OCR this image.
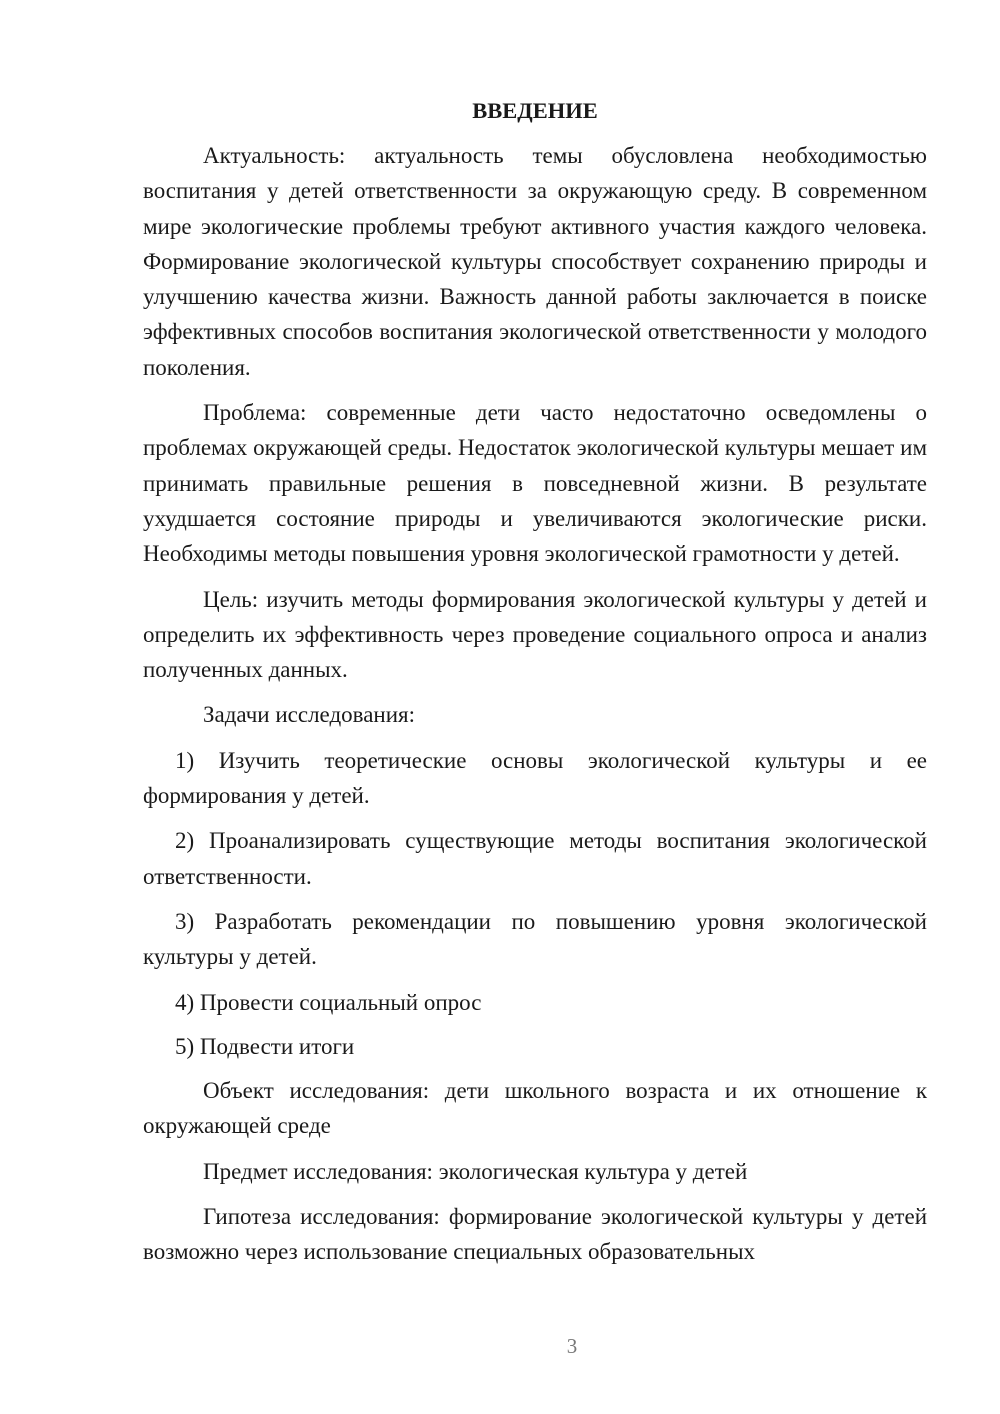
ВВЕДЕНИЕ

Актуальность: актуальность темы обусловлена необходимостью воспитания у детей ответственности за окружающую среду. В современном мире экологические проблемы требуют активного участия каждого человека. Формирование экологической культуры способствует сохранению природы и улучшению качества жизни. Важность данной работы заключается в поиске эффективных способов воспитания экологической ответственности у молодого поколения.

Проблема: современные дети часто недостаточно осведомлены о проблемах окружающей среды. Недостаток экологической культуры мешает им принимать правильные решения в повседневной жизни. В результате ухудшается состояние природы и увеличиваются экологические риски. Необходимы методы повышения уровня экологической грамотности у детей.

Цель: изучить методы формирования экологической культуры у детей и определить их эффективность через проведение социального опроса и анализ полученных данных.

Задачи исследования:

1) Изучить теоретические основы экологической культуры и ее формирования у детей.

2) Проанализировать существующие методы воспитания экологической ответственности.

3) Разработать рекомендации по повышению уровня экологической культуры у детей.

4) Провести социальный опрос

5) Подвести итоги

Объект исследования: дети школьного возраста и их отношение к окружающей среде

Предмет исследования: экологическая культура у детей

Гипотеза исследования: формирование экологической культуры у детей возможно через использование специальных образовательных

3
